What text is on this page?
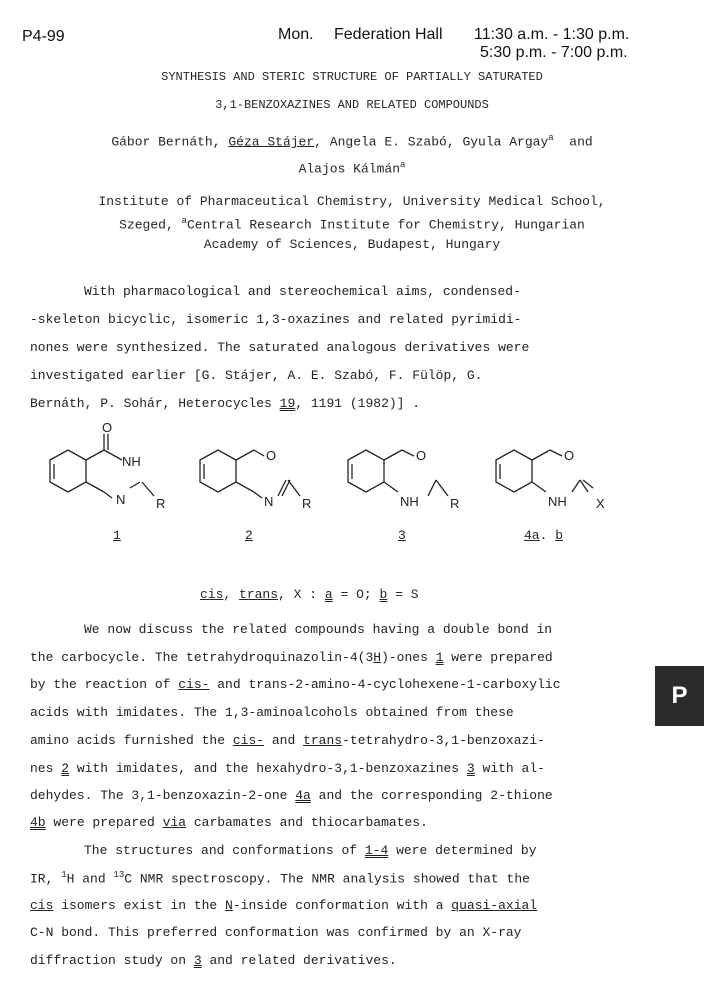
P4-99	Mon. Federation Hall 11:30 a.m. - 1:30 p.m.
5:30 p.m. - 7:00 p.m.
SYNTHESIS AND STERIC STRUCTURE OF PARTIALLY SATURATED
3,1-BENZOXAZINES AND RELATED COMPOUNDS
Gábor Bernáth, Géza Stájer, Angela E. Szabó, Gyula Argay$^a$ and
Alajos Kálmán$^a$
Institute of Pharmaceutical Chemistry, University Medical School,
Szeged, $^a$Central Research Institute for Chemistry, Hungarian
Academy of Sciences, Budapest, Hungary
With pharmacological and stereochemical aims, condensed-
-skeleton bicyclic, isomeric 1,3-oxazines and related pyrimidi-
nones were synthesized. The saturated analogous derivatives were
investigated earlier [G. Stájer, A. E. Szabó, F. Fülöp, G.
Bernáth, P. Sohár, Heterocycles 19, 1191 (1982)] .
O
NH
N R
O
N R
O
NH R
O
NH X
1	2	3	4a. b
cis, trans, X : a = O; b = S
We now discuss the related compounds having a double bond in
the carbocycle. The tetrahydroquinazolin-4(3H)-ones 1 were prepared
by the reaction of cis- and trans-2-amino-4-cyclohexene-1-carboxylic
acids with imidates. The 1,3-aminoalcohols obtained from these
amino acids furnished the cis- and trans-tetrahydro-3,1-benzoxazi-
nes 2 with imidates, and the hexahydro-3,1-benzoxazines 3 with al-
dehydes. The 3,1-benzoxazin-2-one 4a and the corresponding 2-thione
4b were prepared via carbamates and thiocarbamates.
The structures and conformations of 1-4 were determined by
IR, $^1$H and $^{13}$C NMR spectroscopy. The NMR analysis showed that the
cis isomers exist in the N-inside conformation with a quasi-axial
C-N bond. This preferred conformation was confirmed by an X-ray
diffraction study on 3 and related derivatives.
P
